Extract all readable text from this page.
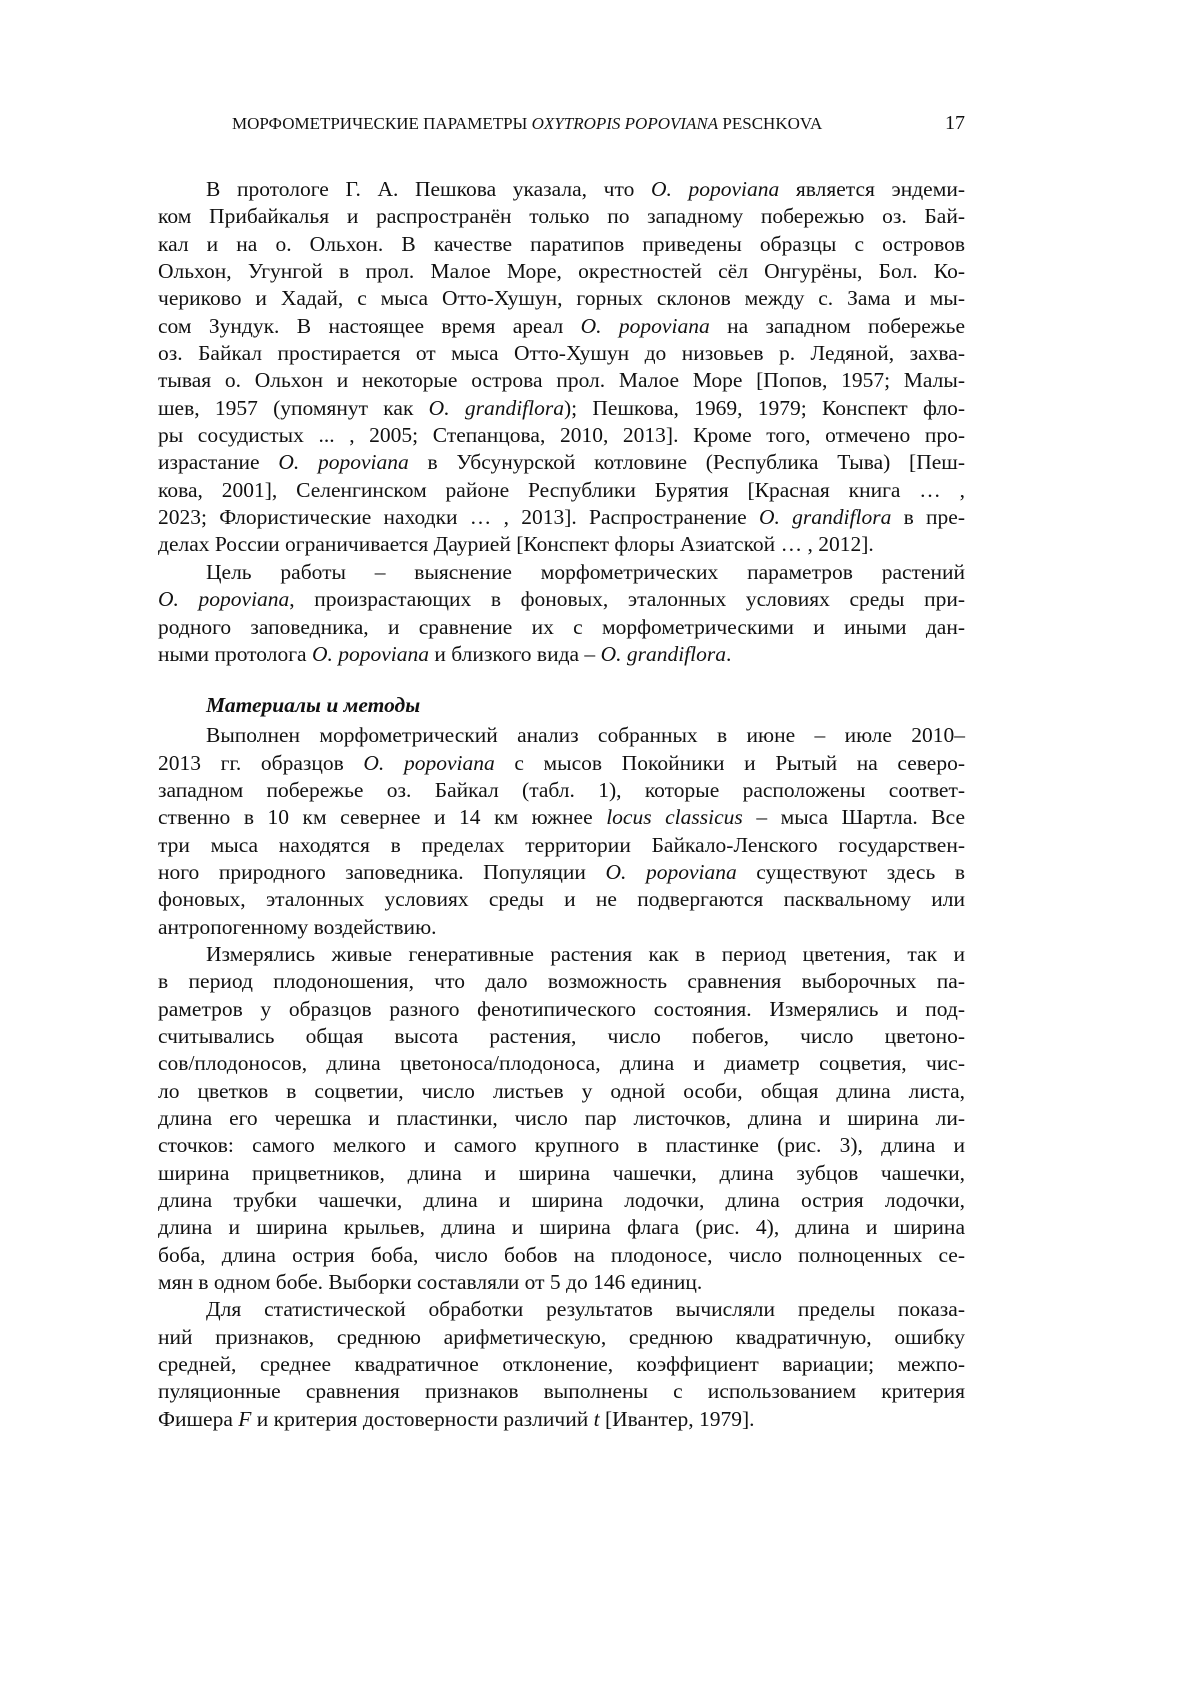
МОРФОМЕТРИЧЕСКИЕ ПАРАМЕТРЫ OXYTROPIS POPOVIANA PESCHKOVA	17
В протологе Г. А. Пешкова указала, что O. popoviana является эндеми-
ком Прибайкалья и распространён только по западному побережью оз. Бай-
кал и на о. Ольхон. В качестве паратипов приведены образцы с островов
Ольхон, Угунгой в прол. Малое Море, окрестностей сёл Онгурёны, Бол. Ко-
чериково и Хадай, с мыса Отто-Хушун, горных склонов между с. Зама и мы-
сом Зундук. В настоящее время ареал O. popoviana на западном побережье
оз. Байкал простирается от мыса Отто-Хушун до низовьев р. Ледяной, захва-
тывая о. Ольхон и некоторые острова прол. Малое Море [Попов, 1957; Малы-
шев, 1957 (упомянут как O. grandiflora); Пешкова, 1969, 1979; Конспект фло-
ры сосудистых ... , 2005; Степанцова, 2010, 2013]. Кроме того, отмечено про-
израстание O. popoviana в Убсунурской котловине (Республика Тыва) [Пеш-
кова, 2001], Селенгинском районе Республики Бурятия [Красная книга … ,
2023; Флористические находки … , 2013]. Распространение O. grandiflora в пре-
делах России ограничивается Даурией [Конспект флоры Азиатской … , 2012].
Цель работы – выяснение морфометрических параметров растений
O. popoviana, произрастающих в фоновых, эталонных условиях среды при-
родного заповедника, и сравнение их с морфометрическими и иными дан-
ными протолога O. popoviana и близкого вида – O. grandiflora.
Материалы и методы
Выполнен морфометрический анализ собранных в июне – июле 2010–
2013 гг. образцов O. popoviana с мысов Покойники и Рытый на северо-
западном побережье оз. Байкал (табл. 1), которые расположены соответ-
ственно в 10 км севернее и 14 км южнее locus classicus – мыса Шартла. Все
три мыса находятся в пределах территории Байкало-Ленского государствен-
ного природного заповедника. Популяции O. popoviana существуют здесь в
фоновых, эталонных условиях среды и не подвергаются пасквальному или
антропогенному воздействию.
Измерялись живые генеративные растения как в период цветения, так и
в период плодоношения, что дало возможность сравнения выборочных па-
раметров у образцов разного фенотипического состояния. Измерялись и под-
считывались общая высота растения, число побегов, число цветоно-
сов/плодоносов, длина цветоноса/плодоноса, длина и диаметр соцветия, чис-
ло цветков в соцветии, число листьев у одной особи, общая длина листа,
длина его черешка и пластинки, число пар листочков, длина и ширина ли-
сточков: самого мелкого и самого крупного в пластинке (рис. 3), длина и
ширина прицветников, длина и ширина чашечки, длина зубцов чашечки,
длина трубки чашечки, длина и ширина лодочки, длина острия лодочки,
длина и ширина крыльев, длина и ширина флага (рис. 4), длина и ширина
боба, длина острия боба, число бобов на плодоносе, число полноценных се-
мян в одном бобе. Выборки составляли от 5 до 146 единиц.
Для статистической обработки результатов вычисляли пределы показа-
ний признаков, среднюю арифметическую, среднюю квадратичную, ошибку
средней, среднее квадратичное отклонение, коэффициент вариации; межпо-
пуляционные сравнения признаков выполнены с использованием критерия
Фишера F и критерия достоверности различий t [Ивантер, 1979].
